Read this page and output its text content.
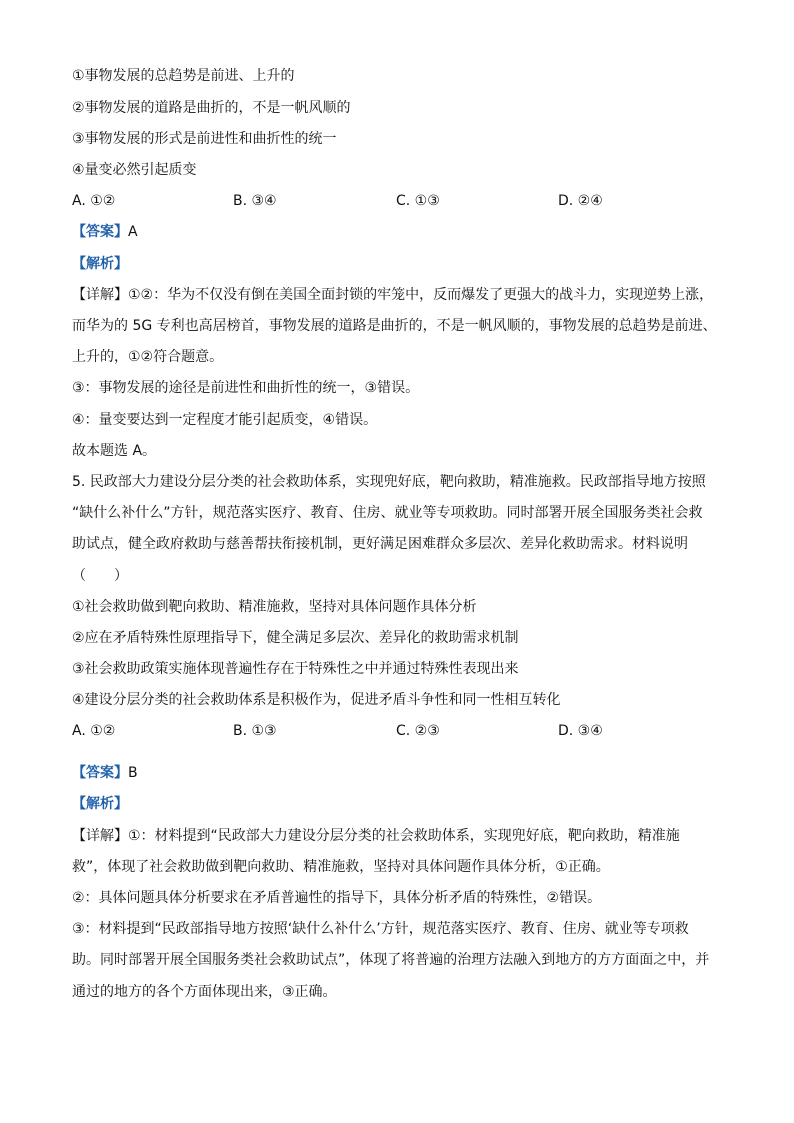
①事物发展的总趋势是前进、上升的
②事物发展的道路是曲折的，不是一帆风顺的
③事物发展的形式是前进性和曲折性的统一
④量变必然引起质变
A. ①②	B. ③④	C. ①③	D. ②④
【答案】A
【解析】
【详解】①②：华为不仅没有倒在美国全面封锁的牢笼中，反而爆发了更强大的战斗力，实现逆势上涨，
而华为的 5G 专利也高居榜首，事物发展的道路是曲折的，不是一帆风顺的，事物发展的总趋势是前进、
上升的，①②符合题意。
③：事物发展的途径是前进性和曲折性的统一，③错误。
④：量变要达到一定程度才能引起质变，④错误。
故本题选 A。
5. 民政部大力建设分层分类的社会救助体系，实现兜好底，靶向救助，精准施救。民政部指导地方按照
“缺什么补什么”方针，规范落实医疗、教育、住房、就业等专项救助。同时部署开展全国服务类社会救
助试点，健全政府救助与慈善帮扶衔接机制，更好满足困难群众多层次、差异化救助需求。材料说明
（　　）
①社会救助做到靶向救助、精准施救，坚持对具体问题作具体分析
②应在矛盾特殊性原理指导下，健全满足多层次、差异化的救助需求机制
③社会救助政策实施体现普遍性存在于特殊性之中并通过特殊性表现出来
④建设分层分类的社会救助体系是积极作为，促进矛盾斗争性和同一性相互转化
A. ①②	B. ①③	C. ②③	D. ③④
【答案】B
【解析】
【详解】①：材料提到“民政部大力建设分层分类的社会救助体系，实现兜好底，靶向救助，精准施
救”，体现了社会救助做到靶向救助、精准施救，坚持对具体问题作具体分析，①正确。
②：具体问题具体分析要求在矛盾普遍性的指导下，具体分析矛盾的特殊性，②错误。
③：材料提到“民政部指导地方按照‘缺什么补什么’方针，规范落实医疗、教育、住房、就业等专项救
助。同时部署开展全国服务类社会救助试点”，体现了将普遍的治理方法融入到地方的方方面面之中，并
通过的地方的各个方面体现出来，③正确。
